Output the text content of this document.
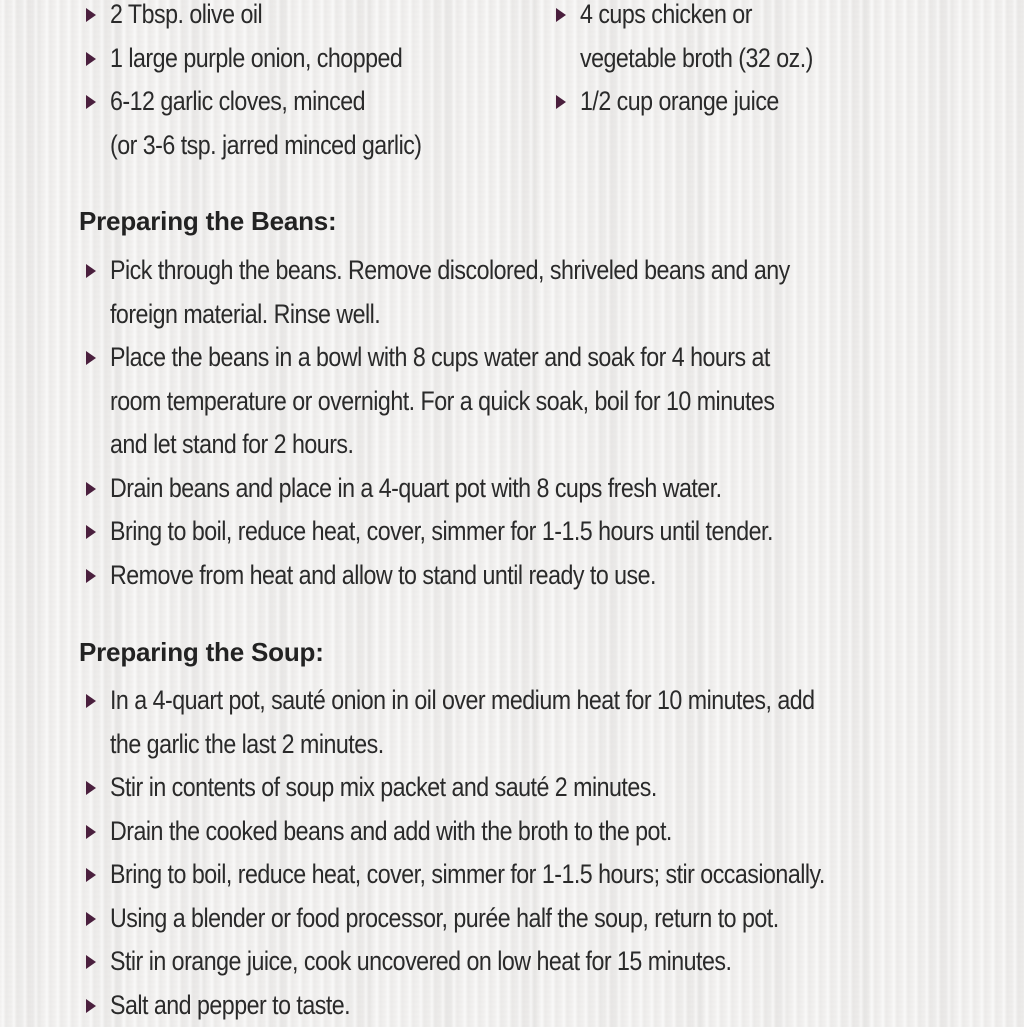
2 Tbsp. olive oil
1 large purple onion, chopped
6-12 garlic cloves, minced
(or 3-6 tsp. jarred minced garlic)
4 cups chicken or
vegetable broth (32 oz.)
1/2 cup orange juice
Preparing the Beans:
Pick through the beans. Remove discolored, shriveled beans and any
foreign material. Rinse well.
Place the beans in a bowl with 8 cups water and soak for 4 hours at
room temperature or overnight. For a quick soak, boil for 10 minutes
and let stand for 2 hours.
Drain beans and place in a 4-quart pot with 8 cups fresh water.
Bring to boil, reduce heat, cover, simmer for 1-1.5 hours until tender.
Remove from heat and allow to stand until ready to use.
Preparing the Soup:
In a 4-quart pot, sauté onion in oil over medium heat for 10 minutes, add
the garlic the last 2 minutes.
Stir in contents of soup mix packet and sauté 2 minutes.
Drain the cooked beans and add with the broth to the pot.
Bring to boil, reduce heat, cover, simmer for 1-1.5 hours; stir occasionally.
Using a blender or food processor, purée half the soup, return to pot.
Stir in orange juice, cook uncovered on low heat for 15 minutes.
Salt and pepper to taste.
